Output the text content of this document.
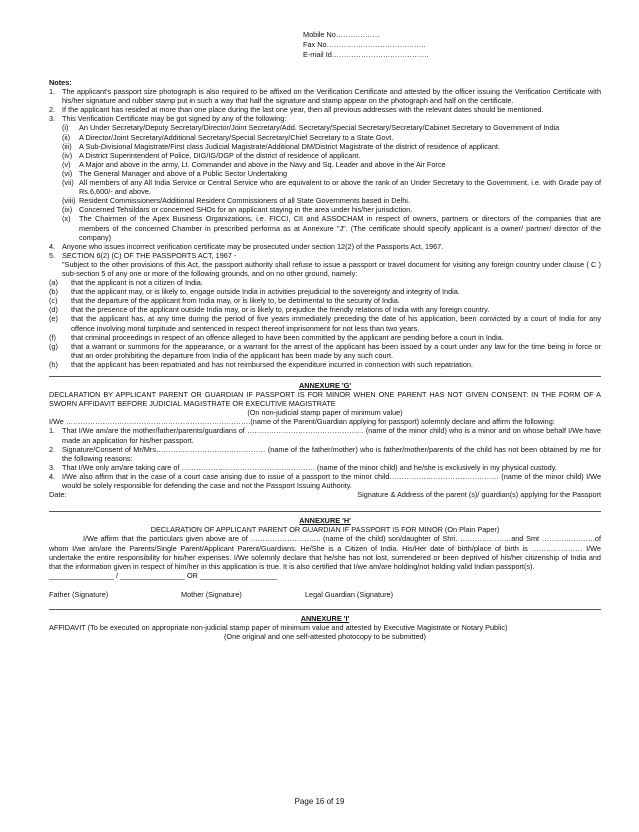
Mobile No………………
Fax No…………………………………..
E-mail Id………………………………….
Notes:
1. The applicant's passport size photograph is also required to be affixed on the Verification Certificate and attested by the officer issuing the Verification Certificate with his/her signature and rubber stamp put in such a way that half the signature and stamp appear on the photograph and half on the certificate.
2. If the applicant has resided at more than one place during the last one year, then all previous addresses with the relevant dates should be mentioned.
3. This Verification Certificate may be got signed by any of the following:
(i)	An Under Secretary/Deputy Secretary/Director/Joint Secretary/Add. Secretary/Special Secretary/Secretary/Cabinet Secretary to Government of India
(ii)	A Director/Joint Secretary/Additional Secretary/Special Secretary/Chief Secretary to a State Govt.
(iii) A Sub-Divisional Magistrate/First class Judicial Magistrate/Additional DM/District Magistrate of the district of residence of applicant.
(iv) A District Superintendent of Police, DIG/IG/DGP of the district of residence of applicant.
(v)	A Major and above in the army, Lt. Commander and above in the Navy and Sq. Leader and above in the Air Force
(vi) The General Manager and above of a Public Sector Undertaking
(vii) All members of any All India Service or Central Service who are equivalent to or above the rank of an Under Secretary to the Government, i.e. with Grade pay of Rs.6,600/- and above.
(viii) Resident Commissioners/Additional Resident Commissioners of all State Governments based in Delhi.
(ix) Concerned Tehsildars or concerned SHOs for an applicant staying in the area under his/her jurisdiction.
(x)	The Chairmen of the Apex Business Organizations, i.e. FICCI, CII and ASSOCHAM in respect of owners, partners or directors of the companies that are members of the concerned Chamber in prescribed performa as at Annexure "J". (The certificate should specify applicant is a owner/ partner/ director of the company)
4. Anyone who issues incorrect verification certificate may be prosecuted under section 12(2) of the Passports Act, 1967.
5. SECTION 6(2) (C) OF THE PASSPORTS ACT, 1967 -
"Subject to the other provisions of this Act, the passport authority shall refuse to issue a passport or travel document for visiting any foreign country under clause ( C ) sub-section 5 of any one or more of the following grounds, and on no other ground, namely:
(a)	that the applicant is not a citizen of India.
(b)	that the applicant may, or is likely to, engage outside India in activities prejudicial to the sovereignty and integrity of India.
(c)	that the departure of the applicant from India may, or is likely to, be detrimental to the security of India.
(d)	that the presence of the applicant outside India may, or is likely to, prejudice the friendly relations of India with any foreign country.
(e)	that the applicant has, at any time during the period of five years immediately preceding the date of his application, been convicted by a court of India for any offence involving moral turpitude and sentenced in respect thereof imprisonment for not less than two years.
(f)	that criminal proceedings in respect of an offence alleged to have been committed by the applicant are pending before a court in India.
(g)	that a warrant or summons for the appearance, or a warrant for the arrest of the applicant has been issued by a court under any law for the time being in force or that an order prohibiting the departure from India of the applicant has been made by any such court.
(h)	that the applicant has been repatriated and has not reimbursed the expenditure incurred in connection with such repatriation.
ANNEXURE 'G'
DECLARATION BY APPLICANT PARENT OR GUARDIAN IF PASSPORT IS FOR MINOR WHEN ONE PARENT HAS NOT GIVEN CONSENT: IN THE FORM OF A SWORN AFFIDAVIT BEFORE JUDICIAL MAGISTRATE OR EXECUTIVE MAGISTRATE
(On non-judicial stamp paper of minimum value)
I/We ………………………………………………………………….(name of the Parent/Guardian applying for passport) solemnly declare and affirm the following:
1. That I/We am/are the mother/father/parents/guardians of ………………………………………… (name of the minor child) who is a minor and on whose behalf I/We have made an application for his/her passport.
2. Signature/Consent of Mr/Mrs……………………………………… (name of the father/mother) who is father/mother/parents of the child has not been obtained by me for the following reasons:
3. That I/We only am/are taking care of ………………………………………………. (name of the minor child) and he/she is exclusively in my physical custody.
4. I/We also affirm that in the case of a court case arising due to issue of a passport to the minor child……………………………………… (name of the minor child) I/We would be solely responsible for defending the case and not the Passport Issuing Authority.
Date:	Signature & Address of the parent (s)/ guardian(s) applying for the Passport
ANNEXURE 'H'
DECLARATION OF APPLICANT PARENT OR GUARDIAN IF PASSPORT IS FOR MINOR (On Plain Paper)
I/We affirm that the particulars given above are of ……………………….. (name of the child) son/daughter of Shri. …………………and Smt ………………….of whom I/we am/are the Parents/Single Parent/Applicant Parent/Guardians. He/She is a Citizen of India. His/Her date of birth/place of birth is ………………… I/We undertake the entire responsibility for his/her expenses. I/We solemnly declare that he/she has not lost, surrendered or been deprived of his/her citizenship of India and that the information given in respect of him/her in this application is true. It is also certified that I/we am/are holding/not holding valid Indian passport(s).
________________ / ________________ OR ___________________
Father (Signature)	Mother (Signature)	Legal Guardian (Signature)
ANNEXURE 'I'
AFFIDAVIT (To be executed on appropriate non-judicial stamp paper of minimum value and attested by Executive Magistrate or Notary Public)
(One original and one self-attested photocopy to be submitted)
Page 16 of 19
